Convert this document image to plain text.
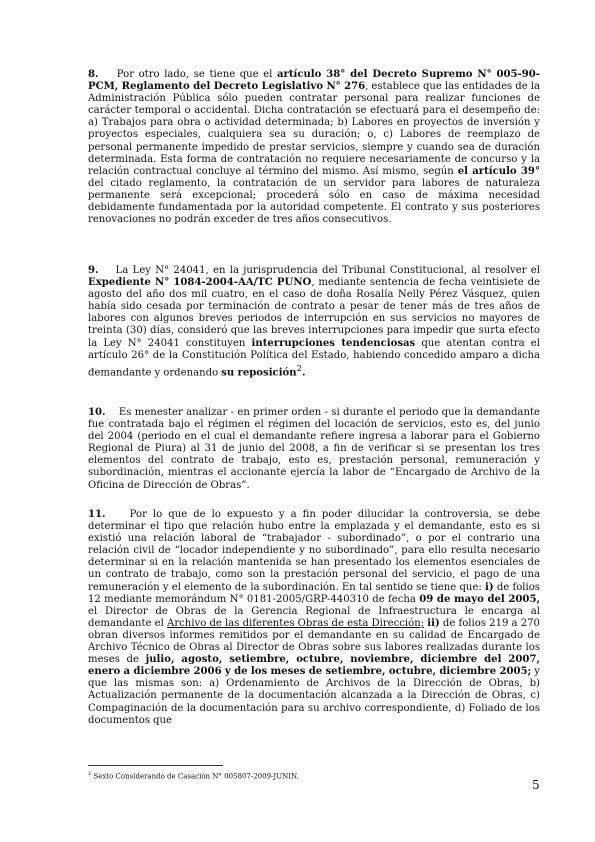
8. Por otro lado, se tiene que el artículo 38° del Decreto Supremo N° 005-90-PCM, Reglamento del Decreto Legislativo N° 276, establece que las entidades de la Administración Pública sólo pueden contratar personal para realizar funciones de carácter temporal o accidental. Dicha contratación se efectuará para el desempeño de: a) Trabajos para obra o actividad determinada; b) Labores en proyectos de inversión y proyectos especiales, cualquiera sea su duración; o, c) Labores de reemplazo de personal permanente impedido de prestar servicios, siempre y cuando sea de duración determinada. Esta forma de contratación no requiere necesariamente de concurso y la relación contractual concluye al término del mismo. Así mismo, según el artículo 39° del citado reglamento, la contratación de un servidor para labores de naturaleza permanente será excepcional; procederá sólo en caso de máxima necesidad debidamente fundamentada por la autoridad competente. El contrato y sus posteriores renovaciones no podrán exceder de tres años consecutivos.

9. La Ley N° 24041, en la jurisprudencia del Tribunal Constitucional, al resolver el Expediente N° 1084-2004-AA/TC PUNO, mediante sentencia de fecha veintisiete de agosto del año dos mil cuatro, en el caso de doña Rosalía Nelly Pérez Vásquez, quien había sido cesada por terminación de contrato a pesar de tener más de tres años de labores con algunos breves periodos de interrupción en sus servicios no mayores de treinta (30) días, consideró que las breves interrupciones para impedir que surta efecto la Ley N° 24041 constituyen interrupciones tendenciosas que atentan contra el artículo 26° de la Constitución Política del Estado, habiendo concedido amparo a dicha demandante y ordenando su reposición$^2$.

10. Es menester analizar - en primer orden - si durante el periodo que la demandante fue contratada bajo el régimen el régimen del locación de servicios, esto es, del junio del 2004 (periodo en el cual el demandante refiere ingresa a laborar para el Gobierno Regional de Piura) al 31 de junio del 2008, a fin de verificar si se presentan los tres elementos del contrato de trabajo, esto es, prestación personal, remuneración y subordinación, mientras el accionante ejercía la labor de “Encargado de Archivo de la Oficina de Dirección de Obras”.

11. Por lo que de lo expuesto y a fin poder dilucidar la controversia, se debe determinar el tipo que relación hubo entre la emplazada y el demandante, esto es si existió una relación laboral de “trabajador - subordinado”, o por el contrario una relación civil de “locador independiente y no subordinado”, para ello resulta necesario determinar si en la relación mantenida se han presentado los elementos esenciales de un contrato de trabajo, como son la prestación personal del servicio, el pago de una remuneración y el elemento de la subordinación. En tal sentido se tiene que: i) de folios 12 mediante memorándum N° 0181-2005/GRP-440310 de fecha 09 de mayo del 2005, el Director de Obras de la Gerencia Regional de Infraestructura le encarga al demandante el Archivo de las diferentes Obras de esta Dirección; ii) de folios 219 a 270 obran diversos informes remitidos por el demandante en su calidad de Encargado de Archivo Técnico de Obras al Director de Obras sobre sus labores realizadas durante los meses de julio, agosto, setiembre, octubre, noviembre, diciembre del 2007, enero a diciembre 2006 y de los meses de setiembre, octubre, diciembre 2005; y que las mismas son: a) Ordenamiento de Archivos de la Dirección de Obras, b) Actualización permanente de la documentación alcanzada a la Dirección de Obras, c) Compaginación de la documentación para su archivo correspondiente, d) Foliado de los documentos que

$^2$ Sexto Considerando de Casación N° 005807-2009-JUNIN.

5
